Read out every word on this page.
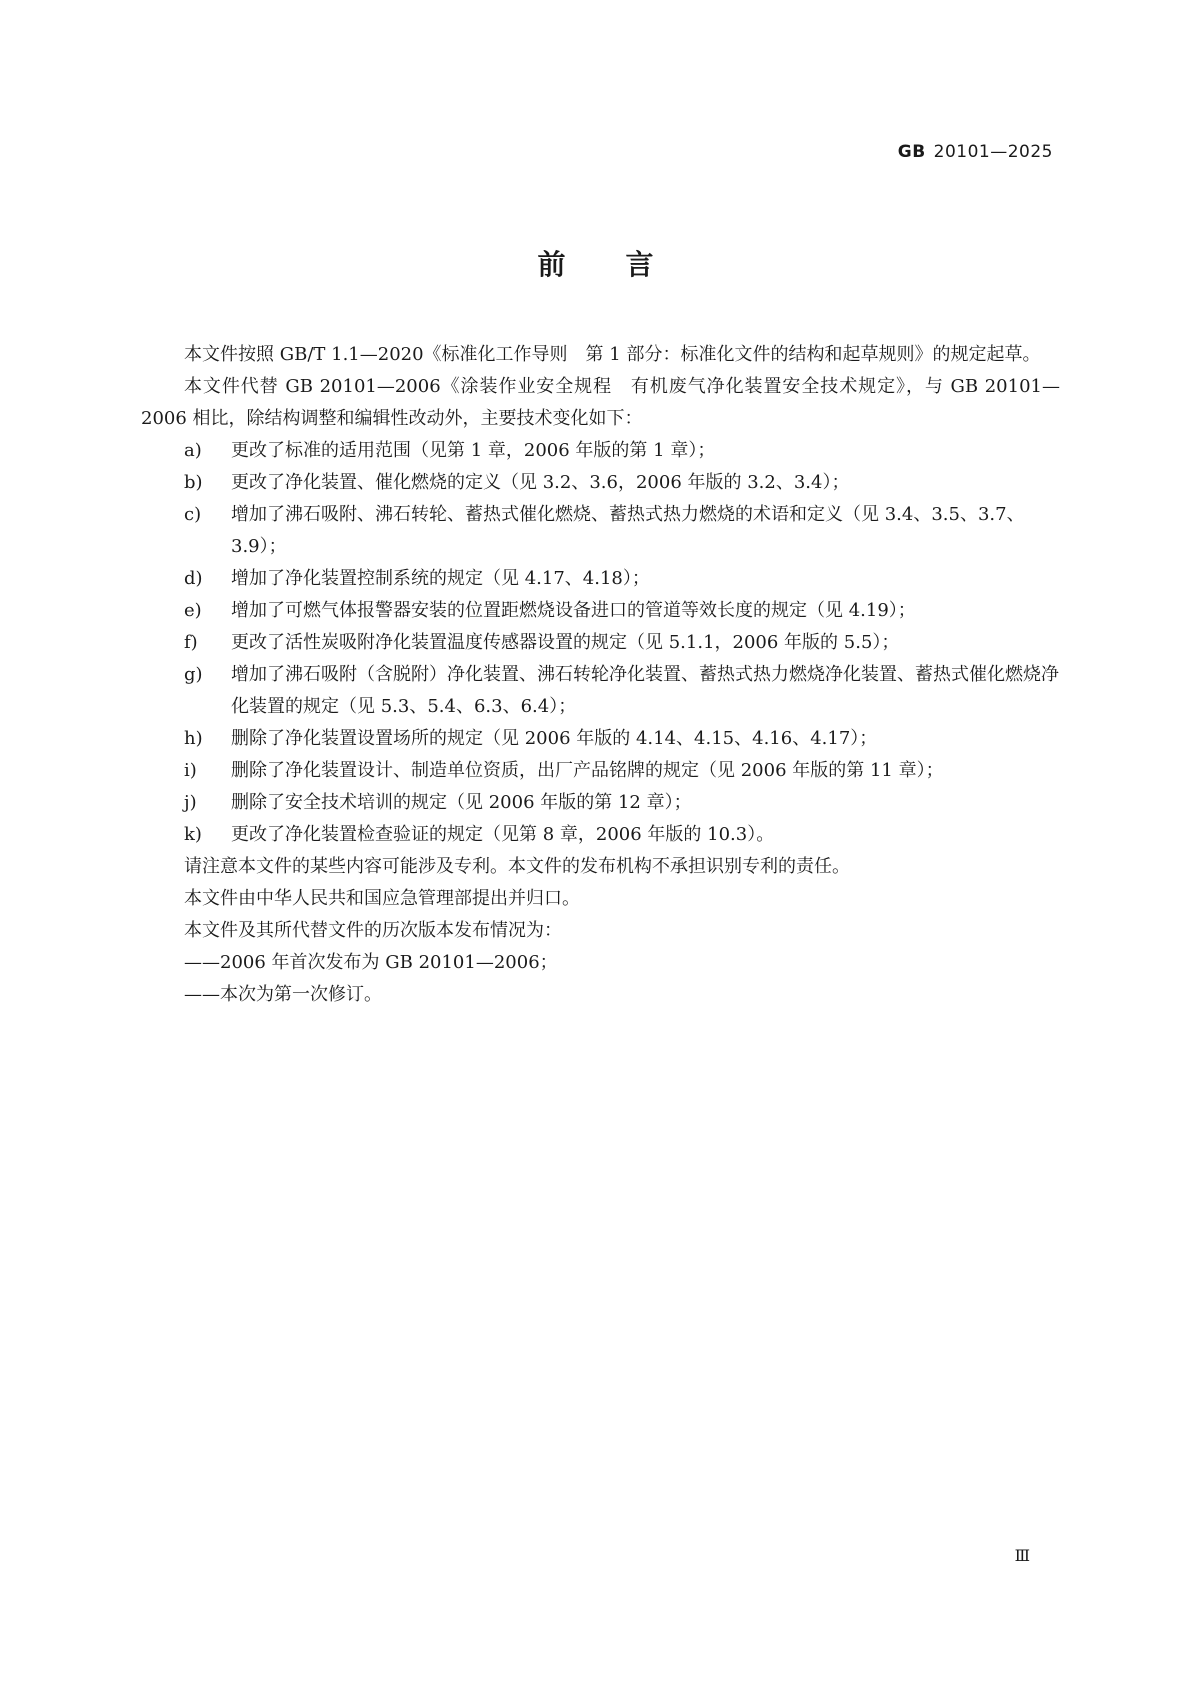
GB 20101—2025
前言

本文件按照 GB/T 1.1—2020《标准化工作导则　第 1 部分：标准化文件的结构和起草规则》的规定起草。

本文件代替 GB 20101—2006《涂装作业安全规程　有机废气净化装置安全技术规定》，与 GB 20101—2006 相比，除结构调整和编辑性改动外，主要技术变化如下：

a) 更改了标准的适用范围（见第 1 章，2006 年版的第 1 章）；

b) 更改了净化装置、催化燃烧的定义（见 3.2、3.6，2006 年版的 3.2、3.4）；

c) 增加了沸石吸附、沸石转轮、蓄热式催化燃烧、蓄热式热力燃烧的术语和定义（见 3.4、3.5、3.7、3.9）；

d) 增加了净化装置控制系统的规定（见 4.17、4.18）；

e) 增加了可燃气体报警器安装的位置距燃烧设备进口的管道等效长度的规定（见 4.19）；

f) 更改了活性炭吸附净化装置温度传感器设置的规定（见 5.1.1，2006 年版的 5.5）；

g) 增加了沸石吸附（含脱附）净化装置、沸石转轮净化装置、蓄热式热力燃烧净化装置、蓄热式催化燃烧净化装置的规定（见 5.3、5.4、6.3、6.4）；

h) 删除了净化装置设置场所的规定（见 2006 年版的 4.14、4.15、4.16、4.17）；

i) 删除了净化装置设计、制造单位资质，出厂产品铭牌的规定（见 2006 年版的第 11 章）；

j) 删除了安全技术培训的规定（见 2006 年版的第 12 章）；

k) 更改了净化装置检查验证的规定（见第 8 章，2006 年版的 10.3）。

请注意本文件的某些内容可能涉及专利。本文件的发布机构不承担识别专利的责任。

本文件由中华人民共和国应急管理部提出并归口。

本文件及其所代替文件的历次版本发布情况为：

——2006 年首次发布为 GB 20101—2006；

——本次为第一次修订。

Ⅲ
